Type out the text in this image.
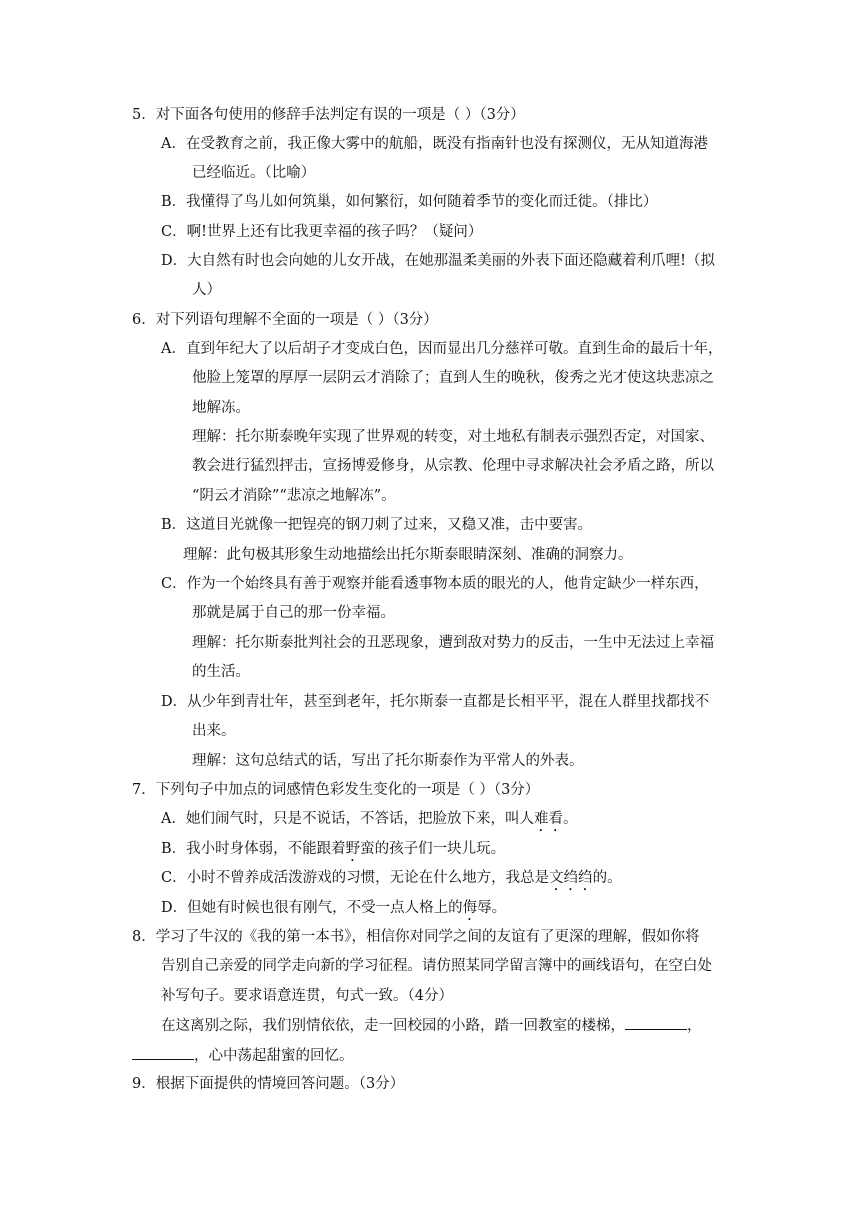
5．对下面各句使用的修辞手法判定有误的一项是（ ）（3分）
A．在受教育之前，我正像大雾中的航船，既没有指南针也没有探测仪，无从知道海港
已经临近。（比喻）
B．我懂得了鸟儿如何筑巢，如何繁衍，如何随着季节的变化而迁徙。（排比）
C．啊!世界上还有比我更幸福的孩子吗？（疑问）
D．大自然有时也会向她的儿女开战，在她那温柔美丽的外表下面还隐藏着利爪哩!（拟
人）
6．对下列语句理解不全面的一项是（ ）（3分）
A．直到年纪大了以后胡子才变成白色，因而显出几分慈祥可敬。直到生命的最后十年，
他脸上笼罩的厚厚一层阴云才消除了；直到人生的晚秋，俊秀之光才使这块悲凉之
地解冻。
理解：托尔斯泰晚年实现了世界观的转变，对土地私有制表示强烈否定，对国家、
教会进行猛烈抨击，宣扬博爱修身，从宗教、伦理中寻求解决社会矛盾之路，所以
“阴云才消除”“悲凉之地解冻”。
B．这道目光就像一把锃亮的钢刀刺了过来，又稳又准，击中要害。
理解：此句极其形象生动地描绘出托尔斯泰眼睛深刻、准确的洞察力。
C．作为一个始终具有善于观察并能看透事物本质的眼光的人，他肯定缺少一样东西，
那就是属于自己的那一份幸福。
理解：托尔斯泰批判社会的丑恶现象，遭到敌对势力的反击，一生中无法过上幸福
的生活。
D．从少年到青壮年，甚至到老年，托尔斯泰一直都是长相平平，混在人群里找都找不
出来。
理解：这句总结式的话，写出了托尔斯泰作为平常人的外表。
7．下列句子中加点的词感情色彩发生变化的一项是（ ）（3分）
A．她们闹气时，只是不说话，不答话，把脸放下来，叫人难看。
B．我小时身体弱，不能跟着野蛮的孩子们一块儿玩。
C．小时不曾养成活泼游戏的习惯，无论在什么地方，我总是文绉绉的。
D．但她有时候也很有刚气，不受一点人格上的侮辱。
8．学习了牛汉的《我的第一本书》，相信你对同学之间的友谊有了更深的理解，假如你将
告别自己亲爱的同学走向新的学习征程。请仿照某同学留言簿中的画线语句，在空白处
补写句子。要求语意连贯，句式一致。（4分）
在这离别之际，我们别情依依，走一回校园的小路，踏一回教室的楼梯，	，
，心中荡起甜蜜的回忆。
9．根据下面提供的情境回答问题。（3分）
